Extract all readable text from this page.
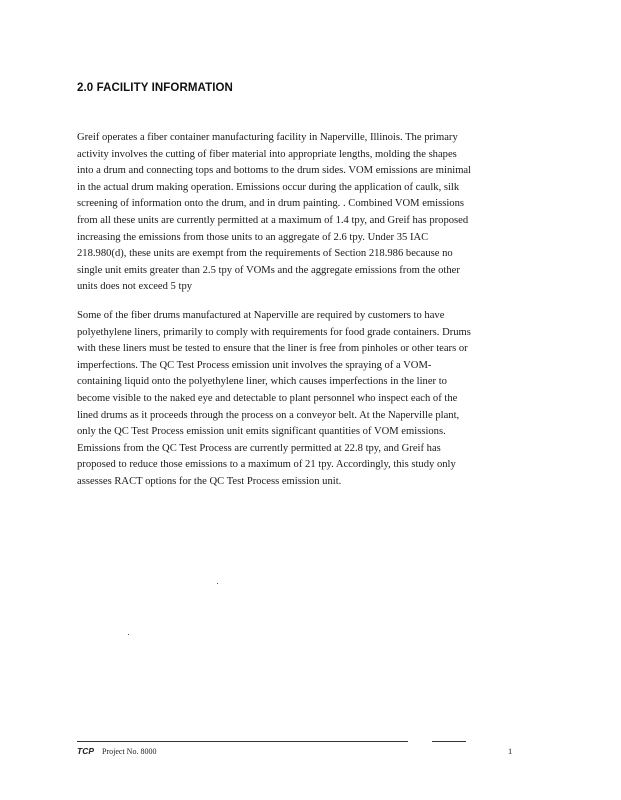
2.0 FACILITY INFORMATION
Greif operates a fiber container manufacturing facility in Naperville, Illinois. The primary
activity involves the cutting of fiber material into appropriate lengths, molding the shapes
into a drum and connecting tops and bottoms to the drum sides. VOM emissions are minimal
in the actual drum making operation. Emissions occur during the application of caulk, silk
screening of information onto the drum, and in drum painting. . Combined VOM emissions
from all these units are currently permitted at a maximum of 1.4 tpy, and Greif has proposed
increasing the emissions from those units to an aggregate of 2.6 tpy. Under 35 IAC
218.980(d), these units are exempt from the requirements of Section 218.986 because no
single unit emits greater than 2.5 tpy of VOMs and the aggregate emissions from the other
units does not exceed 5 tpy
Some of the fiber drums manufactured at Naperville are required by customers to have
polyethylene liners, primarily to comply with requirements for food grade containers. Drums
with these liners must be tested to ensure that the liner is free from pinholes or other tears or
imperfections. The QC Test Process emission unit involves the spraying of a VOM-
containing liquid onto the polyethylene liner, which causes imperfections in the liner to
become visible to the naked eye and detectable to plant personnel who inspect each of the
lined drums as it proceeds through the process on a conveyor belt. At the Naperville plant,
only the QC Test Process emission unit emits significant quantities of VOM emissions.
Emissions from the QC Test Process are currently permitted at 22.8 tpy, and Greif has
proposed to reduce those emissions to a maximum of 21 tpy. Accordingly, this study only
assesses RACT options for the QC Test Process emission unit.
TCP Project No. 8000	1
